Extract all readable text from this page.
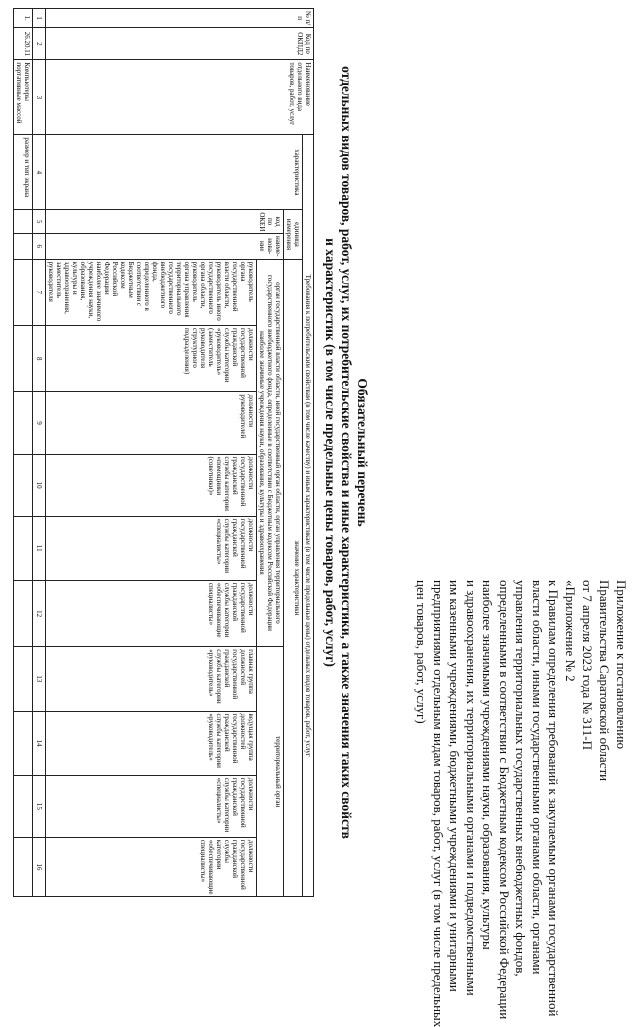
Приложение к постановлению
Правительства Саратовской области
от 7 апреля 2023 года № 311-П
«Приложение № 2
к Правилам определения требований к закупаемым органами государственной
власти области, иными государственными органами области, органами
управления территориальных государственных внебюджетных фондов,
определенными в соответствии с Бюджетным кодексом Российской Федерации
наиболее значимыми учреждениями науки, образования, культуры
и здравоохранения, их территориальными органами и подведомственными
им казенными учреждениями, бюджетными учреждениями и унитарными
предприятиями отдельным видам товаров, работ, услуг (в том числе предельных
цен товаров, работ, услуг)
Обязательный перечень
отдельных видов товаров, работ, услуг, их потребительские свойства и иные характеристики, а также значения таких свойств
и характеристик (в том числе предельные цены товаров, работ, услуг)
№ п/п	Код по ОКПД2	Наименование отдельного вида товаров, работ, услуг	Требования к потребительским свойствам (в том числе качеству) и иным характеристикам (в том числе предельные цены) отдельных видов товаров, работ, услуг												
			характеристика	единица измерения		значение характеристики									
				код по ОКЕИ	наиме-нова-ние	орган государственной власти области, иной государственный орган области, орган управления территориального государственного внебюджетного фонда, определенные в соответствии с Бюджетным кодексом Российской Федерации наиболее значимые учреждения науки, образования, культуры и здравоохранения						территориальный орган			
						руководитель органа государственной власти области, руководитель иного государственного органа области, руководитель органа управления территориального государственного внебюджетного фонда, определенного в соответствии с Бюджетным кодексом Российской Федерации наиболее значимого учреждения науки, образования, культуры и здравоохранения, заместитель руководителя	должности государственной гражданской службы категории «руководитель» (заместитель руководителя структурного подразделения)	должности руководителей	должности государственной гражданской службы категории «помощники (советники)»	должности государственной гражданской службы категории «специалисты»	должности государственной гражданской службы категории «обеспечивающие специалисты»	главная группа должностей государственной гражданской службы категории «руководитель»	ведущая группа должностей государственной гражданской службы категории «руководитель»	должности государственной гражданской службы категории «специалисты»	должности государственной гражданской службы категории «обеспечивающие специалисты»
1	2	3	4	5	6	7	8	9	10	11	12	13	14	15	16
1.	26.20.11	Компьютеры портативные массой	размер и тип экрана												
